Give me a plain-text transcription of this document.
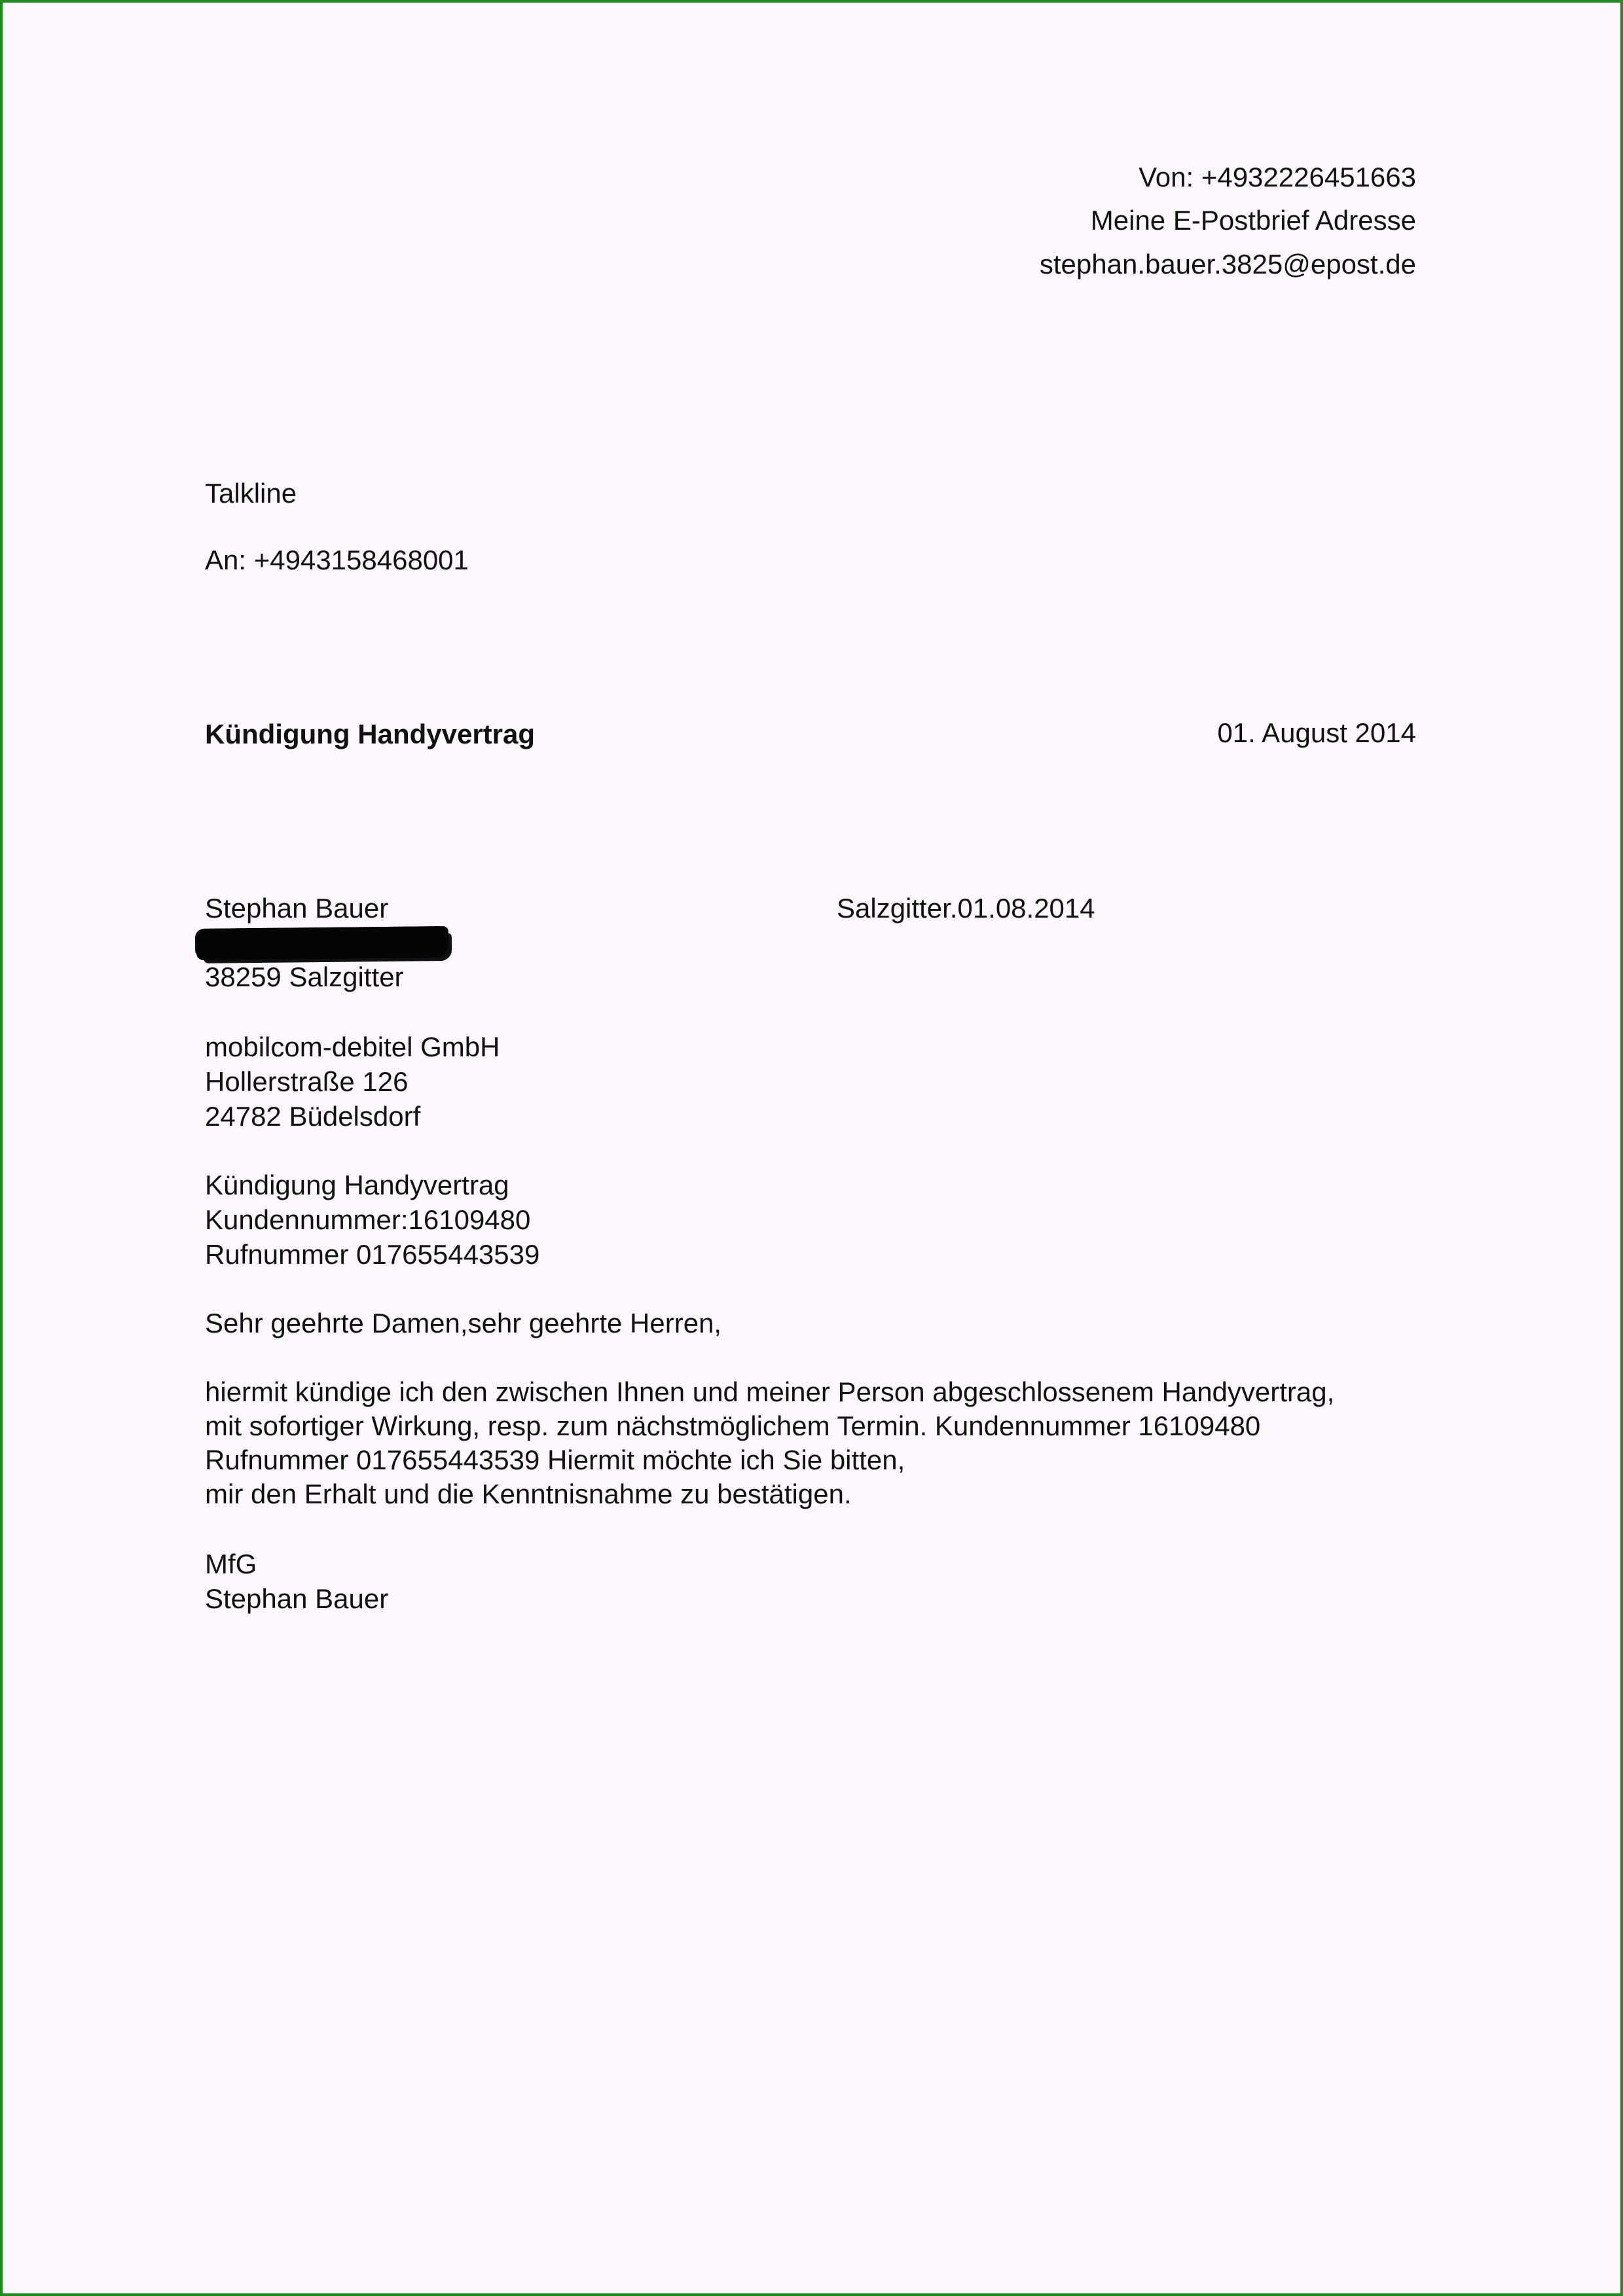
Von: +4932226451663
Meine E-Postbrief Adresse
stephan.bauer.3825@epost.de
Talkline
An: +4943158468001
Kündigung Handyvertrag	01. August 2014
Stephan Bauer	Salzgitter.01.08.2014
38259 Salzgitter
mobilcom-debitel GmbH
Hollerstraße 126
24782 Büdelsdorf
Kündigung Handyvertrag
Kundennummer:16109480
Rufnummer 017655443539
Sehr geehrte Damen,sehr geehrte Herren,
hiermit kündige ich den zwischen Ihnen und meiner Person abgeschlossenem Handyvertrag,
mit sofortiger Wirkung, resp. zum nächstmöglichem Termin. Kundennummer 16109480
Rufnummer 017655443539 Hiermit möchte ich Sie bitten,
mir den Erhalt und die Kenntnisnahme zu bestätigen.
MfG
Stephan Bauer
